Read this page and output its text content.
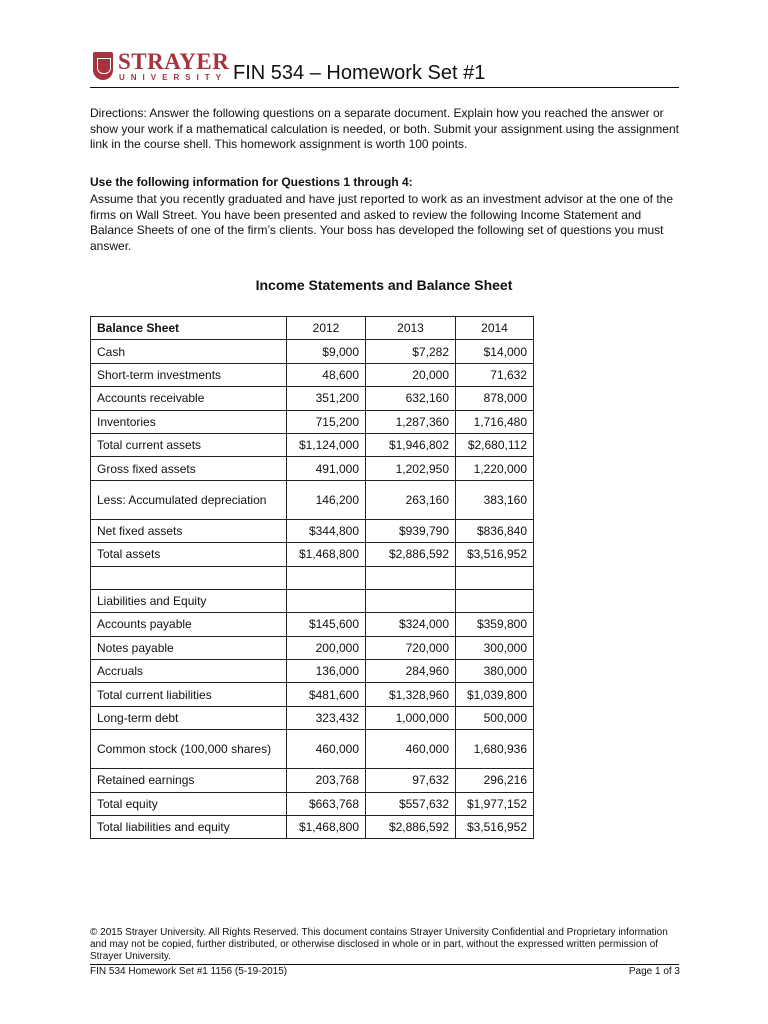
STRAYER
UNIVERSITY FIN 534 – Homework Set #1
Directions: Answer the following questions on a separate document. Explain how you reached the answer or show your work if a mathematical calculation is needed, or both. Submit your assignment using the assignment link in the course shell. This homework assignment is worth 100 points.
Use the following information for Questions 1 through 4:
Assume that you recently graduated and have just reported to work as an investment advisor at the one of the firms on Wall Street. You have been presented and asked to review the following Income Statement and Balance Sheets of one of the firm’s clients. Your boss has developed the following set of questions you must answer.
Income Statements and Balance Sheet
Balance Sheet	2012	2013	2014
Cash	$9,000	$7,282	$14,000
Short-term investments	48,600	20,000	71,632
Accounts receivable	351,200	632,160	878,000
Inventories	715,200	1,287,360	1,716,480
Total current assets	$1,124,000	$1,946,802	$2,680,112
Gross fixed assets	491,000	1,202,950	1,220,000
Less: Accumulated depreciation	146,200	263,160	383,160
Net fixed assets	$344,800	$939,790	$836,840
Total assets	$1,468,800	$2,886,592	$3,516,952

Liabilities and Equity			
Accounts payable	$145,600	$324,000	$359,800
Notes payable	200,000	720,000	300,000
Accruals	136,000	284,960	380,000
Total current liabilities	$481,600	$1,328,960	$1,039,800
Long-term debt	323,432	1,000,000	500,000
Common stock (100,000 shares)	460,000	460,000	1,680,936
Retained earnings	203,768	97,632	296,216
Total equity	$663,768	$557,632	$1,977,152
Total liabilities and equity	$1,468,800	$2,886,592	$3,516,952
© 2015 Strayer University. All Rights Reserved. This document contains Strayer University Confidential and Proprietary information and may not be copied, further distributed, or otherwise disclosed in whole or in part, without the expressed written permission of Strayer University.
FIN 534 Homework Set #1 1156 (5-19-2015)	Page 1 of 3
